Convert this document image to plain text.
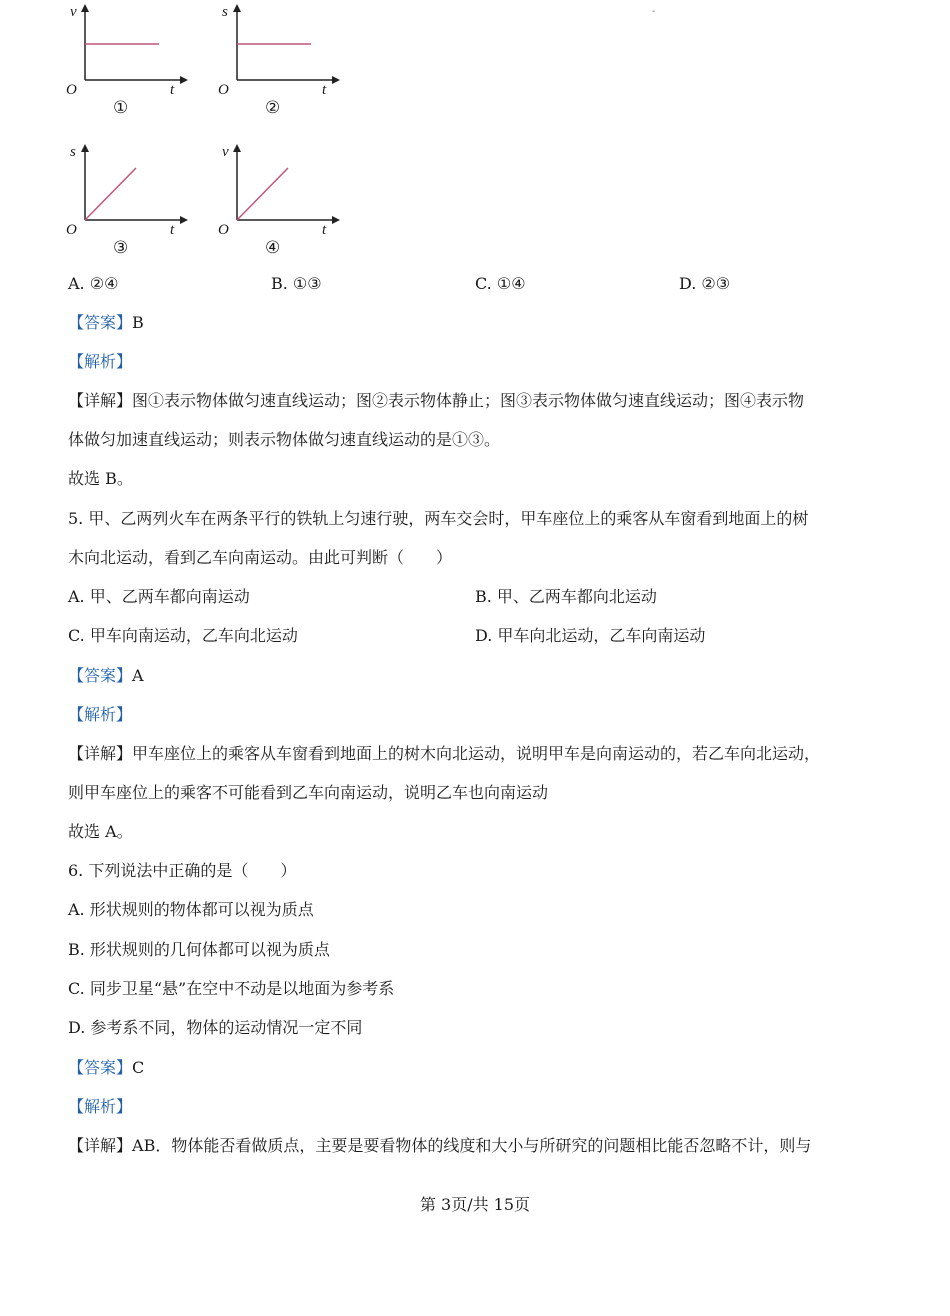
-
v
t
O
①
s
t
O
②
s
t
O
③
v
t
O
④
A. ②④	B. ①③	C. ①④	D. ②③
【答案】B
【解析】
【详解】图①表示物体做匀速直线运动；图②表示物体静止；图③表示物体做匀速直线运动；图④表示物
体做匀加速直线运动；则表示物体做匀速直线运动的是①③。
故选 B。
5. 甲、乙两列火车在两条平行的铁轨上匀速行驶，两车交会时，甲车座位上的乘客从车窗看到地面上的树
木向北运动，看到乙车向南运动。由此可判断（　　）
A. 甲、乙两车都向南运动	B. 甲、乙两车都向北运动
C. 甲车向南运动，乙车向北运动	D. 甲车向北运动，乙车向南运动
【答案】A
【解析】
【详解】甲车座位上的乘客从车窗看到地面上的树木向北运动，说明甲车是向南运动的，若乙车向北运动，
则甲车座位上的乘客不可能看到乙车向南运动，说明乙车也向南运动
故选 A。
6. 下列说法中正确的是（　　）
A. 形状规则的物体都可以视为质点
B. 形状规则的几何体都可以视为质点
C. 同步卫星“悬”在空中不动是以地面为参考系
D. 参考系不同，物体的运动情况一定不同
【答案】C
【解析】
【详解】AB．物体能否看做质点，主要是要看物体的线度和大小与所研究的问题相比能否忽略不计，则与
第 3页/共 15页
